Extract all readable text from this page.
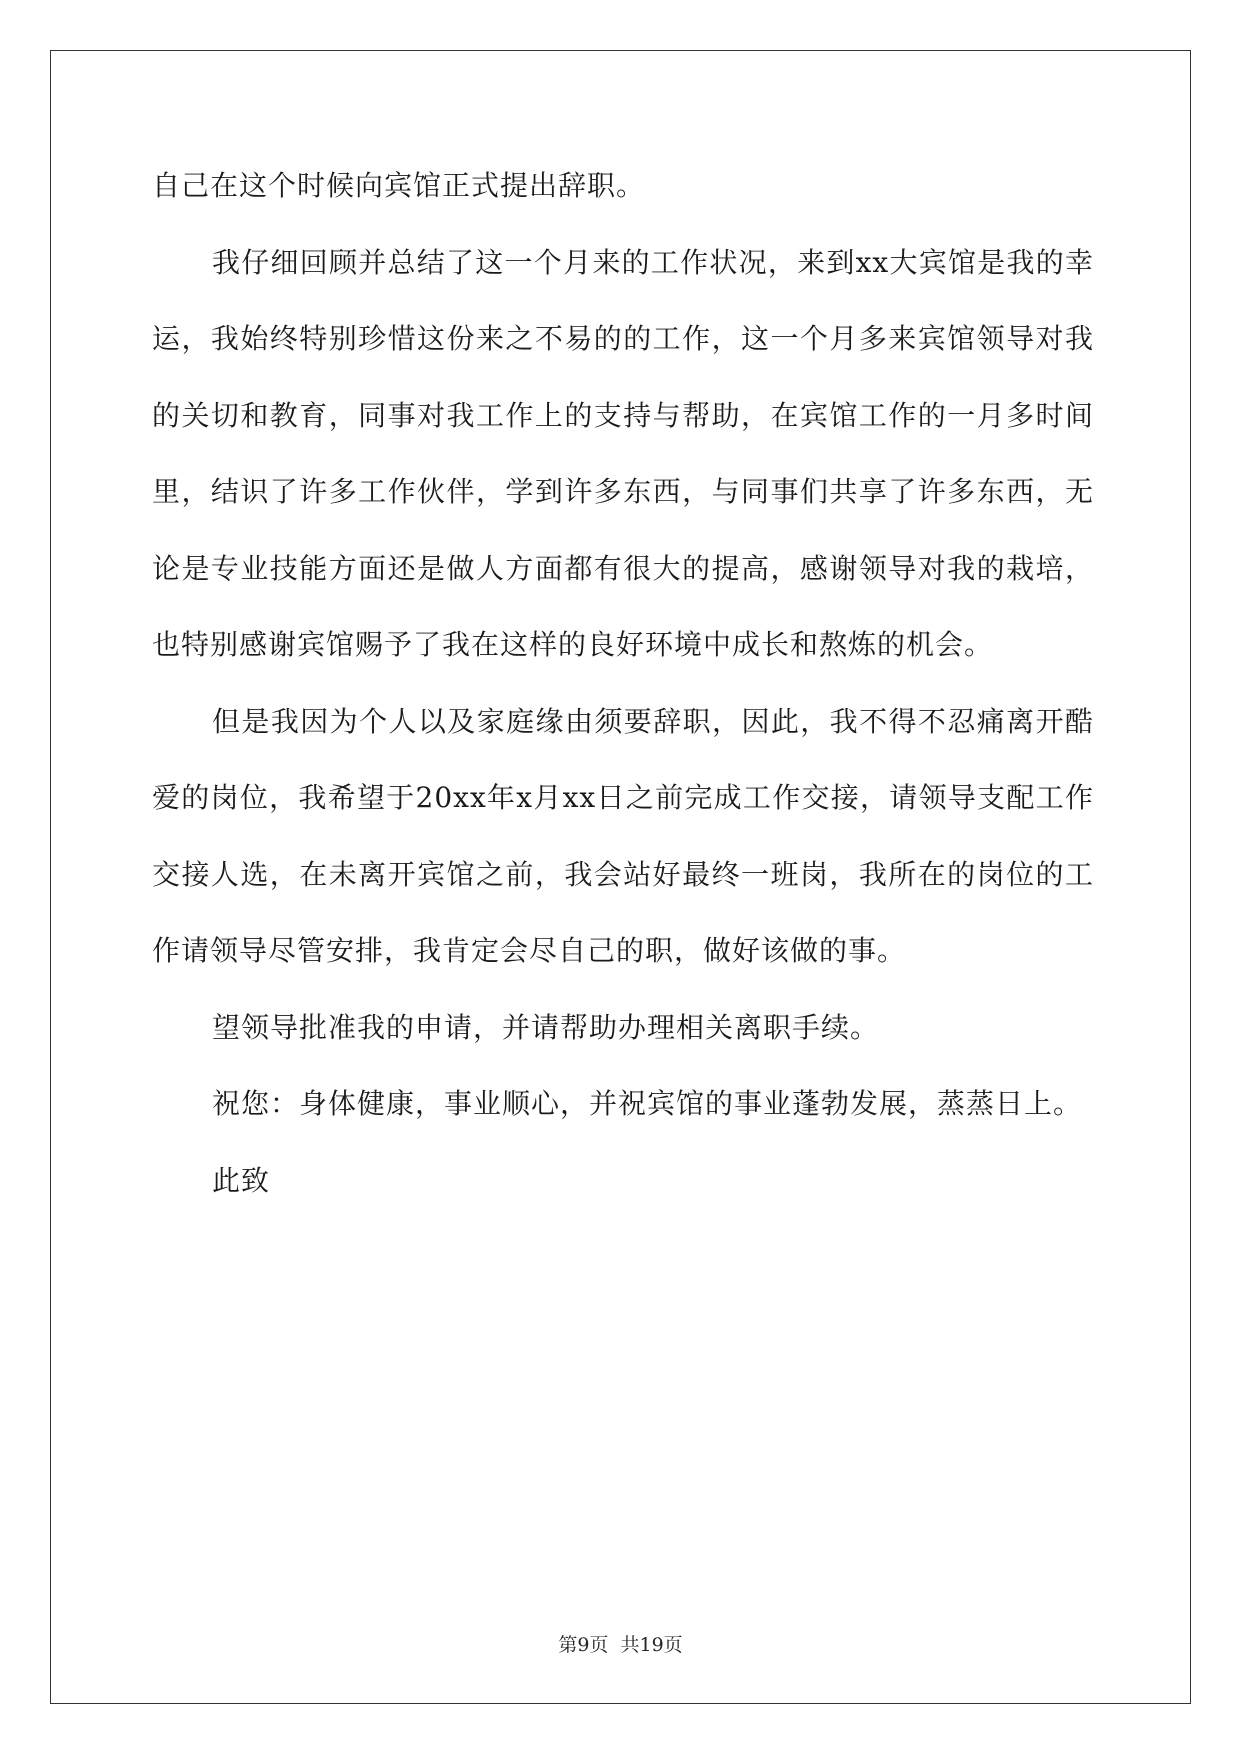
自己在这个时候向宾馆正式提出辞职。

我仔细回顾并总结了这一个月来的工作状况，来到xx大宾馆是我的幸运，我始终特别珍惜这份来之不易的的工作，这一个月多来宾馆领导对我的关切和教育，同事对我工作上的支持与帮助，在宾馆工作的一月多时间里，结识了许多工作伙伴，学到许多东西，与同事们共享了许多东西，无论是专业技能方面还是做人方面都有很大的提高，感谢领导对我的栽培，也特别感谢宾馆赐予了我在这样的良好环境中成长和熬炼的机会。

但是我因为个人以及家庭缘由须要辞职，因此，我不得不忍痛离开酷爱的岗位，我希望于20xx年x月xx日之前完成工作交接，请领导支配工作交接人选，在未离开宾馆之前，我会站好最终一班岗，我所在的岗位的工作请领导尽管安排，我肯定会尽自己的职，做好该做的事。

望领导批准我的申请，并请帮助办理相关离职手续。

祝您：身体健康，事业顺心，并祝宾馆的事业蓬勃发展，蒸蒸日上。

此致

第9页  共19页
